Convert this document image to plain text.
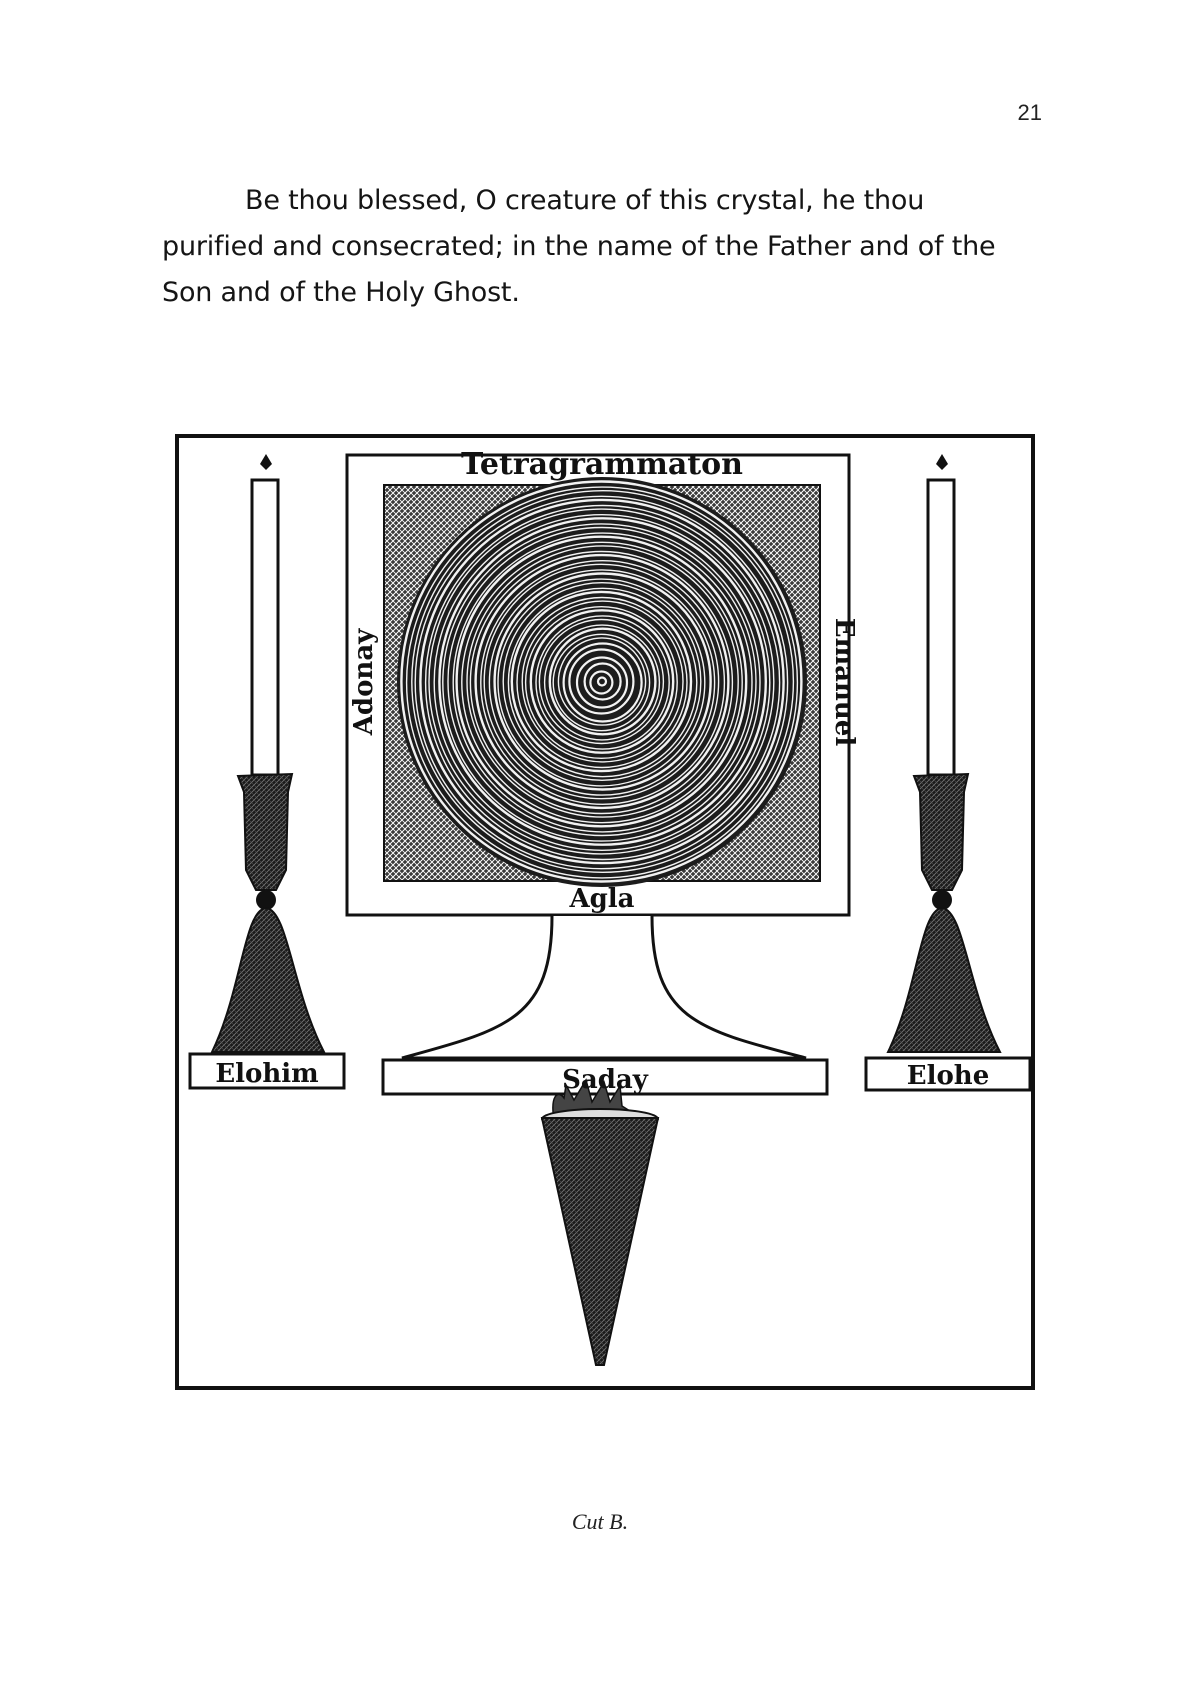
21

Be thou blessed, O creature of this crystal, he thou purified and consecrated; in the name of the Father and of the Son and of the Holy Ghost.

Tetragrammaton
Agla
Adonay	Emanuel
Saday
Elohim	Elohe
Cut B.
